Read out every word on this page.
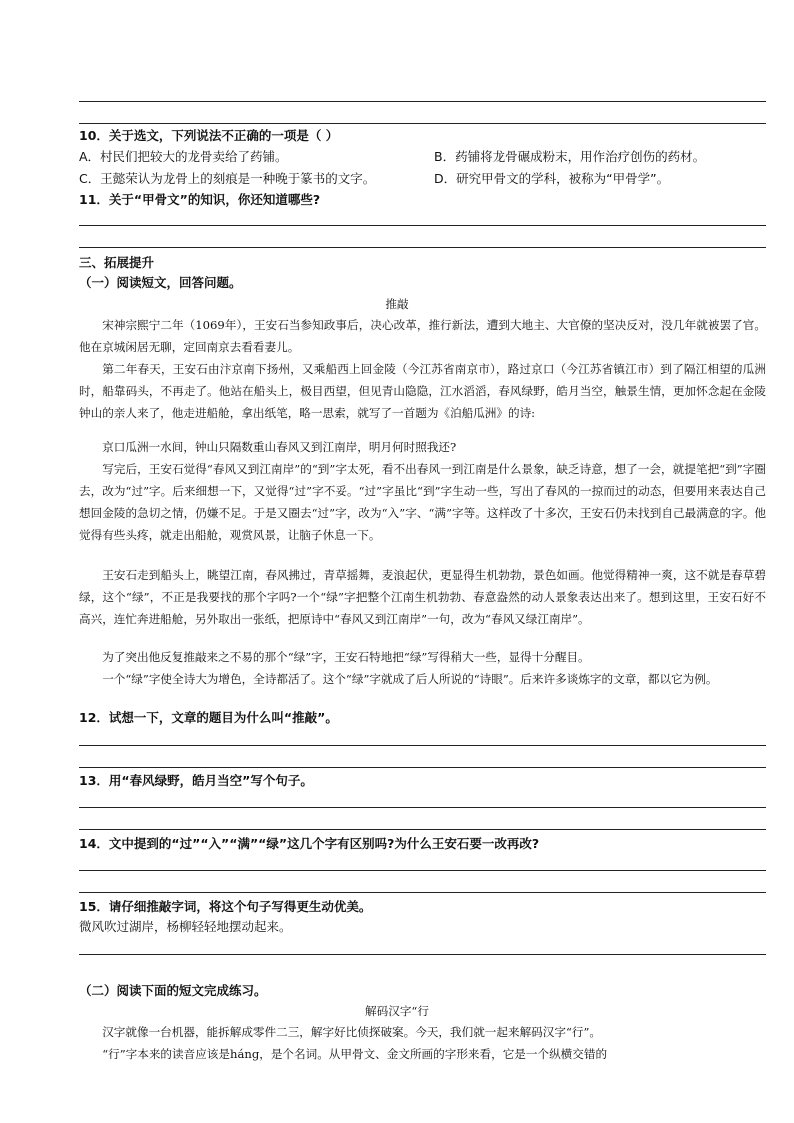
10．关于选文，下列说法不正确的一项是（ ）
A．村民们把较大的龙骨卖给了药铺。	B．药铺将龙骨碾成粉末，用作治疗创伤的药材。
C．王懿荣认为龙骨上的刻痕是一种晚于篆书的文字。	D．研究甲骨文的学科，被称为“甲骨学”。
11．关于“甲骨文”的知识，你还知道哪些?
三、拓展提升
（一）阅读短文，回答问题。
推敲

宋神宗熙宁二年（1069年），王安石当参知政事后，决心改革，推行新法，遭到大地主、大官僚的坚决反对，没几年就被罢了官。他在京城闲居无聊，定回南京去看看妻儿。

第二年春天，王安石由汴京南下扬州，又乘船西上回金陵（今江苏省南京市），路过京口（今江苏省镇江市）到了隔江相望的瓜洲时，船靠码头，不再走了。他站在船头上，极目西望，但见青山隐隐，江水滔滔，春风绿野，皓月当空，触景生情，更加怀念起在金陵钟山的亲人来了，他走进船舱，拿出纸笔，略一思索，就写了一首题为《泊船瓜洲》的诗:

京口瓜洲一水间，钟山只隔数重山春风又到江南岸，明月何时照我还?

写完后，王安石觉得“春风又到江南岸”的“到”字太死，看不出春风一到江南是什么景象，缺乏诗意，想了一会，就提笔把“到”字圈去，改为“过”字。后来细想一下，又觉得“过”字不妥。“过”字虽比“到”字生动一些，写出了春风的一掠而过的动态，但要用来表达自己想回金陵的急切之情，仍嫌不足。于是又圈去“过”字，改为“入”字、“满”字等。这样改了十多次，王安石仍未找到自己最满意的字。他觉得有些头疼，就走出船舱，观赏风景，让脑子休息一下。

王安石走到船头上，眺望江南，春风拂过，青草摇舞，麦浪起伏，更显得生机勃勃，景色如画。他觉得精神一爽，这不就是春草碧绿，这个“绿”，不正是我要找的那个字吗?一个“绿”字把整个江南生机勃勃、春意盎然的动人景象表达出来了。想到这里，王安石好不高兴，连忙奔进船舱，另外取出一张纸，把原诗中“春风又到江南岸”一句，改为“春风又绿江南岸”。

为了突出他反复推敲来之不易的那个“绿”字，王安石特地把“绿”写得稍大一些，显得十分醒目。

一个“绿”字使全诗大为增色，全诗都活了。这个“绿”字就成了后人所说的“诗眼”。后来许多谈炼字的文章，都以它为例。

12．试想一下，文章的题目为什么叫“推敲”。
13．用“春风绿野，皓月当空”写个句子。
14．文中提到的“过”“入”“满”“绿”这几个字有区别吗?为什么王安石要一改再改?
15．请仔细推敲字词，将这个句子写得更生动优美。
微风吹过湖岸，杨柳轻轻地摆动起来。
（二）阅读下面的短文完成练习。
解码汉字“行

汉字就像一台机器，能拆解成零件二三，解字好比侦探破案。今天，我们就一起来解码汉字“行”。

“行”字本来的读音应该是háng，是个名词。从甲骨文、金文所画的字形来看，它是一个纵横交错的
